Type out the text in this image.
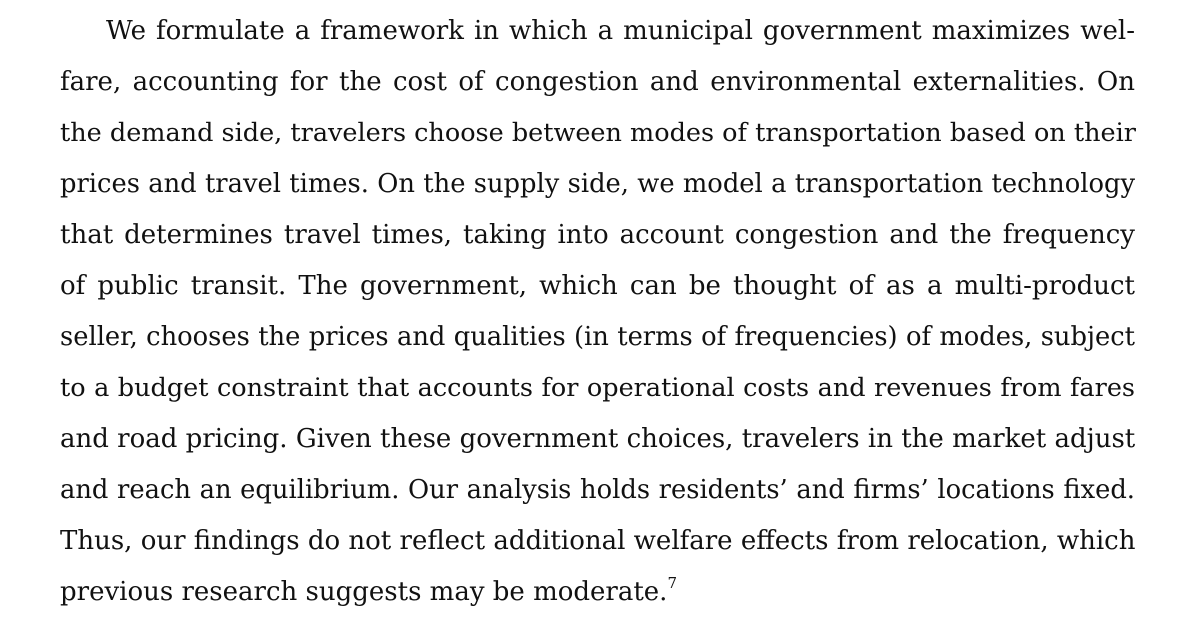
We formulate a framework in which a municipal government maximizes wel-
fare, accounting for the cost of congestion and environmental externalities. On
the demand side, travelers choose between modes of transportation based on their
prices and travel times. On the supply side, we model a transportation technology
that determines travel times, taking into account congestion and the frequency
of public transit. The government, which can be thought of as a multi-product
seller, chooses the prices and qualities (in terms of frequencies) of modes, subject
to a budget constraint that accounts for operational costs and revenues from fares
and road pricing. Given these government choices, travelers in the market adjust
and reach an equilibrium. Our analysis holds residents’ and firms’ locations fixed.
Thus, our findings do not reflect additional welfare effects from relocation, which
previous research suggests may be moderate.$^7$
